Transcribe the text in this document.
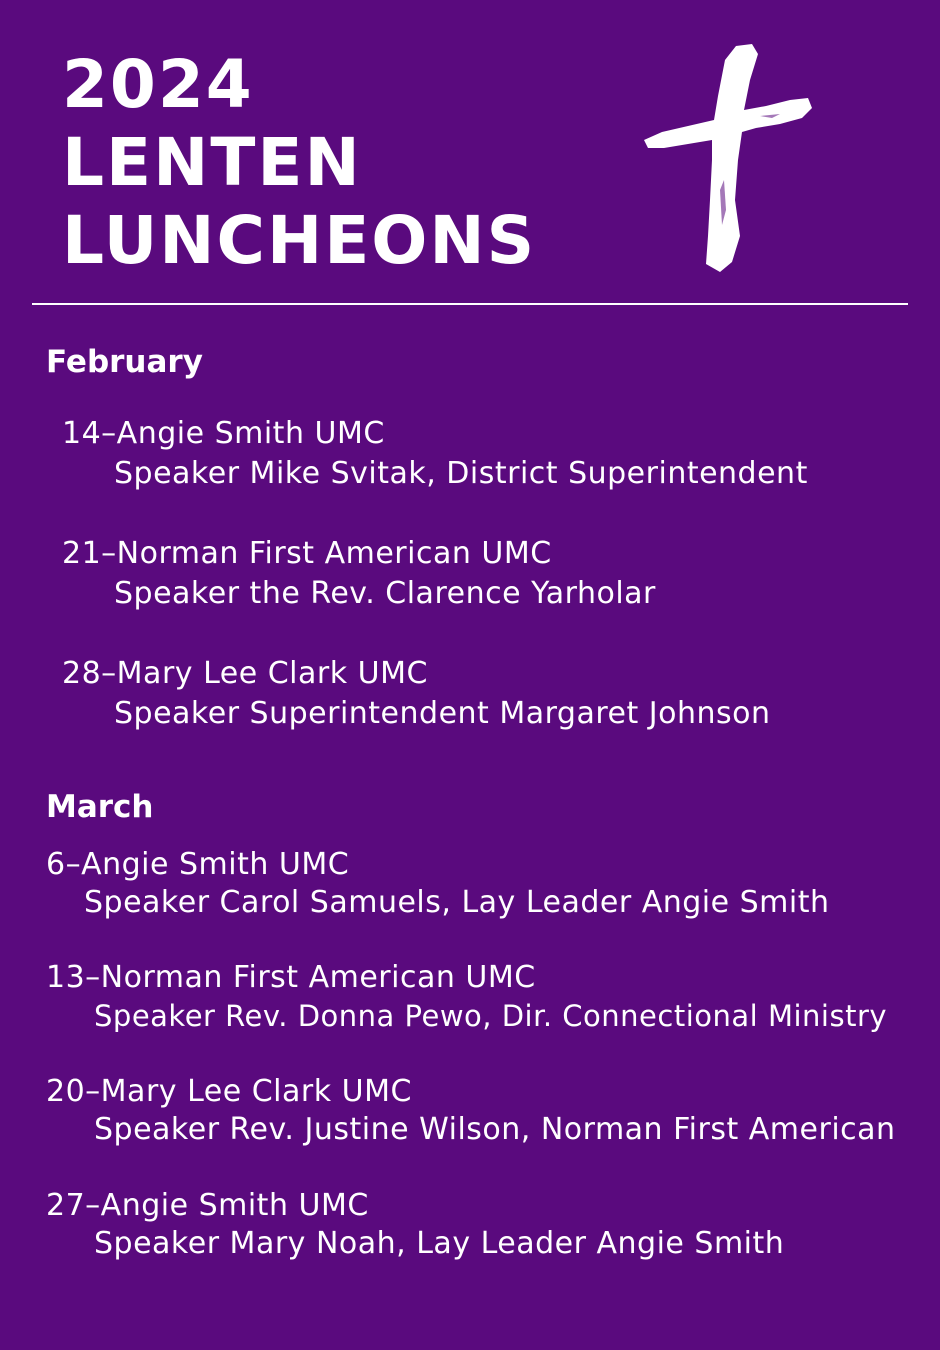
2024
LENTEN
LUNCHEONS
February
14–Angie Smith UMC
Speaker Mike Svitak, District Superintendent
21–Norman First American UMC
Speaker the Rev. Clarence Yarholar
28–Mary Lee Clark UMC
Speaker Superintendent Margaret Johnson
March
6–Angie Smith UMC
Speaker Carol Samuels, Lay Leader Angie Smith
13–Norman First American UMC
Speaker Rev. Donna Pewo, Dir. Connectional Ministry
20–Mary Lee Clark UMC
Speaker Rev. Justine Wilson, Norman First American
27–Angie Smith UMC
Speaker Mary Noah, Lay Leader Angie Smith
